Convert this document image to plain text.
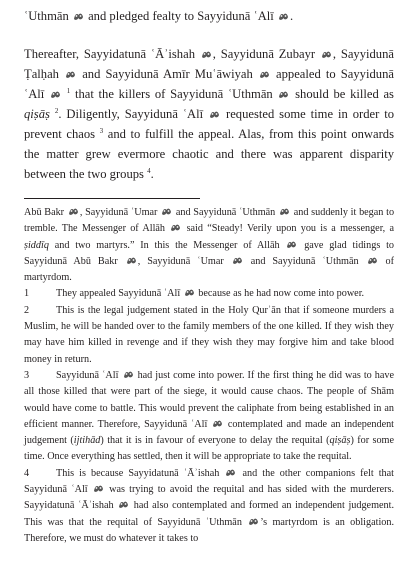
ʿUthmān and pledged fealty to Sayyidunā ʿAlī .

Thereafter, Sayyidatunā ʿĀʾishah , Sayyidunā Zubayr , Sayyidunā Ṭalḥah and Sayyidunā Amīr Muʿāwiyah appealed to Sayyidunā ʿAlī	$^1$ that the killers of Sayyidunā ʿUthmān should be killed as qiṣāṣ $^2$. Diligently, Sayyidunā ʿAlī requested some time in order to prevent chaos $^3$ and to fulfill the appeal. Alas, from this point onwards the matter grew evermore chaotic and there was apparent disparity between the two groups $^4$.

Abū Bakr , Sayyidunā ʿUmar and Sayyidunā ʿUthmān and suddenly it began to tremble. The Messenger of Allāh said “Steady! Verily upon you is a messenger, a ṣiddīq and two martyrs.” In this the Messenger of Allāh gave glad tidings to Sayyidunā Abū Bakr , Sayyidunā ʿUmar	and Sayyidunā ʿUthmān	of martyrdom.

1	They appealed Sayyidunā ʿAlī because as he had now come into power.

2	This is the legal judgement stated in the Holy Qurʾān that if someone murders a Muslim, he will be handed over to the family members of the one killed. If they wish they may have him killed in revenge and if they wish they may forgive him and take blood money in return.

3	Sayyidunā ʿAlī had just come into power. If the first thing he did was to have all those killed that were part of the siege, it would cause chaos. The people of Shām would have come to battle. This would prevent the caliphate from being established in an efficient manner. Therefore, Sayyidunā ʿAlī contemplated and made an independent judgement (ijtihād) that it is in favour of everyone to delay the requital (qiṣāṣ) for some time. Once everything has settled, then it will be appropriate to take the requital.

4	This is because Sayyidatunā ʿĀʾishah and the other companions felt that Sayyidunā ʿAlī was trying to avoid the requital and has sided with the murderers. Sayyidatunā ʿĀʾishah had also contemplated and formed an independent judgement. This was that the requital of Sayyidunā ʿUthmān ’s martyrdom is an obligation. Therefore, we must do whatever it takes to
